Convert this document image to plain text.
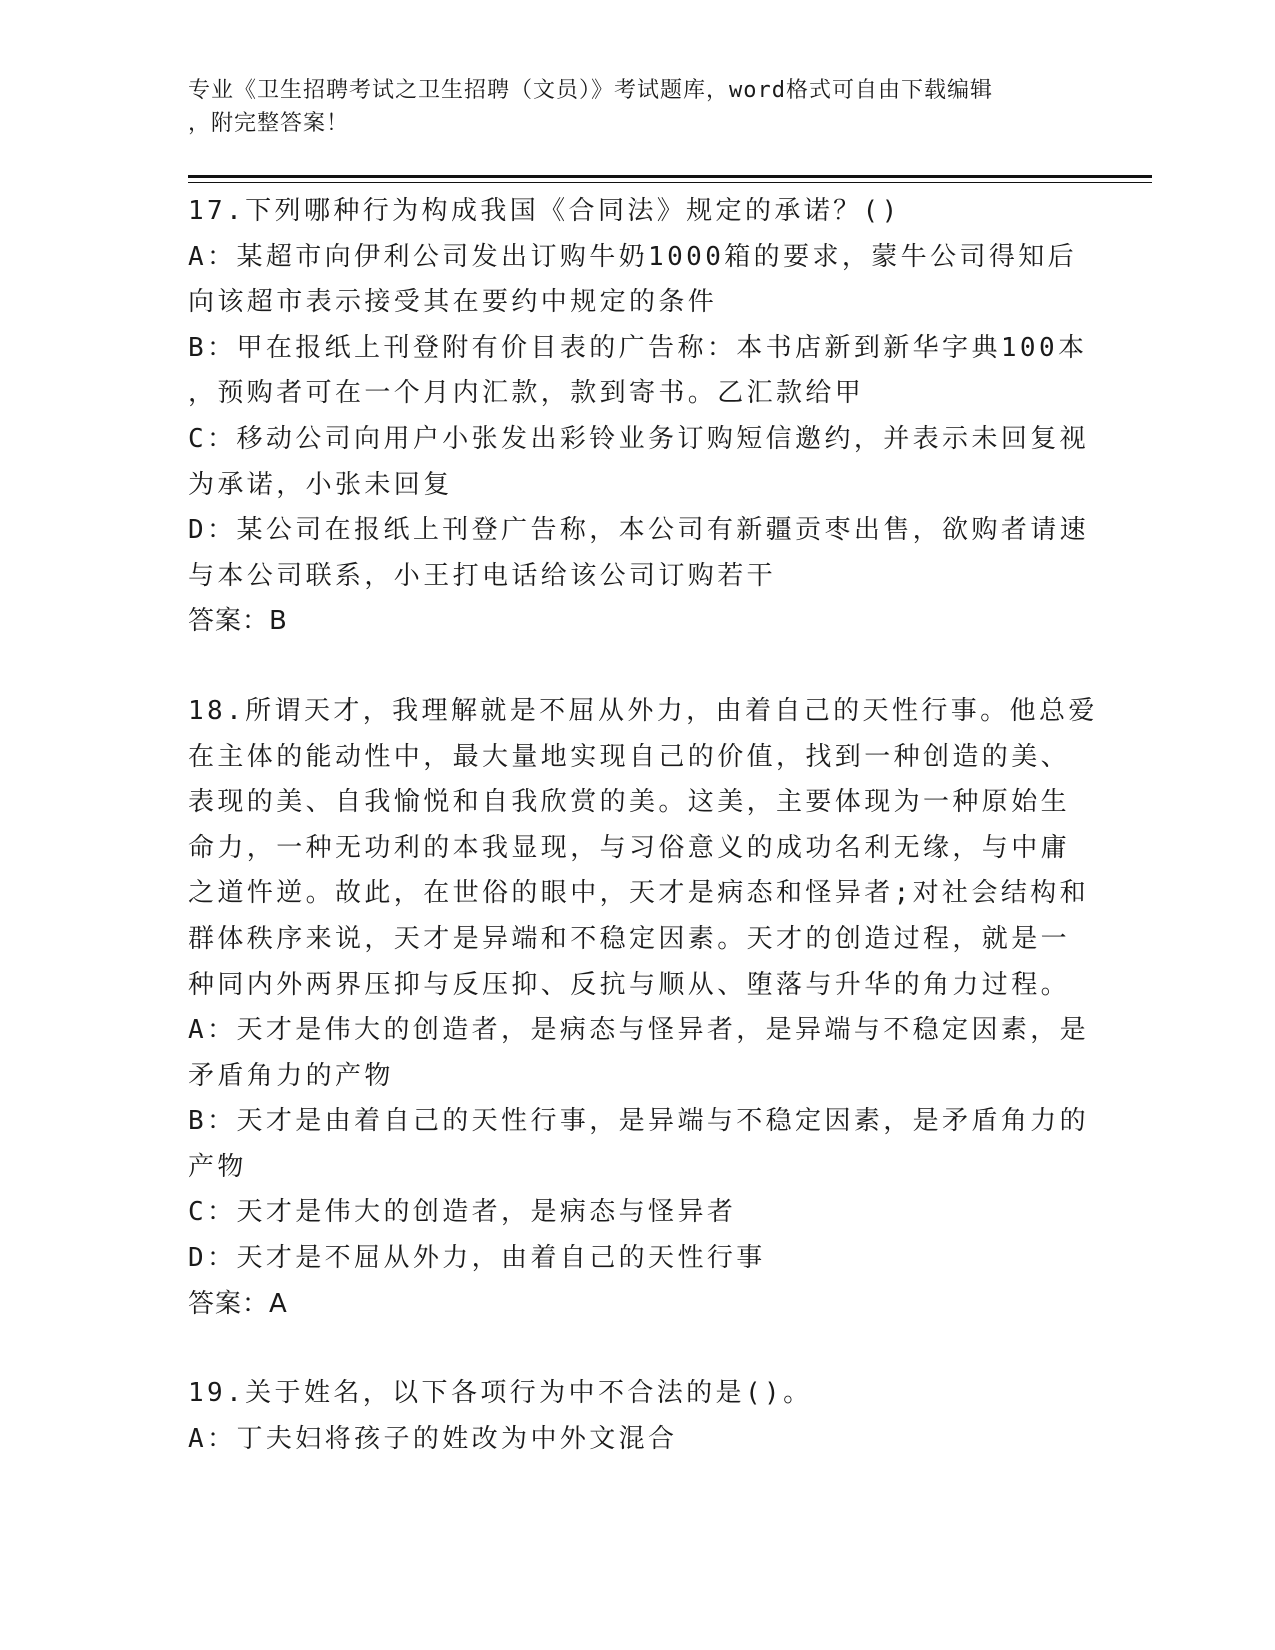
专业《卫生招聘考试之卫生招聘（文员）》考试题库，word格式可自由下载编辑
，附完整答案！
17.下列哪种行为构成我国《合同法》规定的承诺？()
A：某超市向伊利公司发出订购牛奶1000箱的要求，蒙牛公司得知后
向该超市表示接受其在要约中规定的条件
B：甲在报纸上刊登附有价目表的广告称：本书店新到新华字典100本
，预购者可在一个月内汇款，款到寄书。乙汇款给甲
C：移动公司向用户小张发出彩铃业务订购短信邀约，并表示未回复视
为承诺，小张未回复
D：某公司在报纸上刊登广告称，本公司有新疆贡枣出售，欲购者请速
与本公司联系，小王打电话给该公司订购若干
答案：B
18.所谓天才，我理解就是不屈从外力，由着自己的天性行事。他总爱
在主体的能动性中，最大量地实现自己的价值，找到一种创造的美、
表现的美、自我愉悦和自我欣赏的美。这美，主要体现为一种原始生
命力，一种无功利的本我显现，与习俗意义的成功名利无缘，与中庸
之道忤逆。故此，在世俗的眼中，天才是病态和怪异者;对社会结构和
群体秩序来说，天才是异端和不稳定因素。天才的创造过程，就是一
种同内外两界压抑与反压抑、反抗与顺从、堕落与升华的角力过程。
A：天才是伟大的创造者，是病态与怪异者，是异端与不稳定因素，是
矛盾角力的产物
B：天才是由着自己的天性行事，是异端与不稳定因素，是矛盾角力的
产物
C：天才是伟大的创造者，是病态与怪异者
D：天才是不屈从外力，由着自己的天性行事
答案：A
19.关于姓名，以下各项行为中不合法的是()。
A：丁夫妇将孩子的姓改为中外文混合
